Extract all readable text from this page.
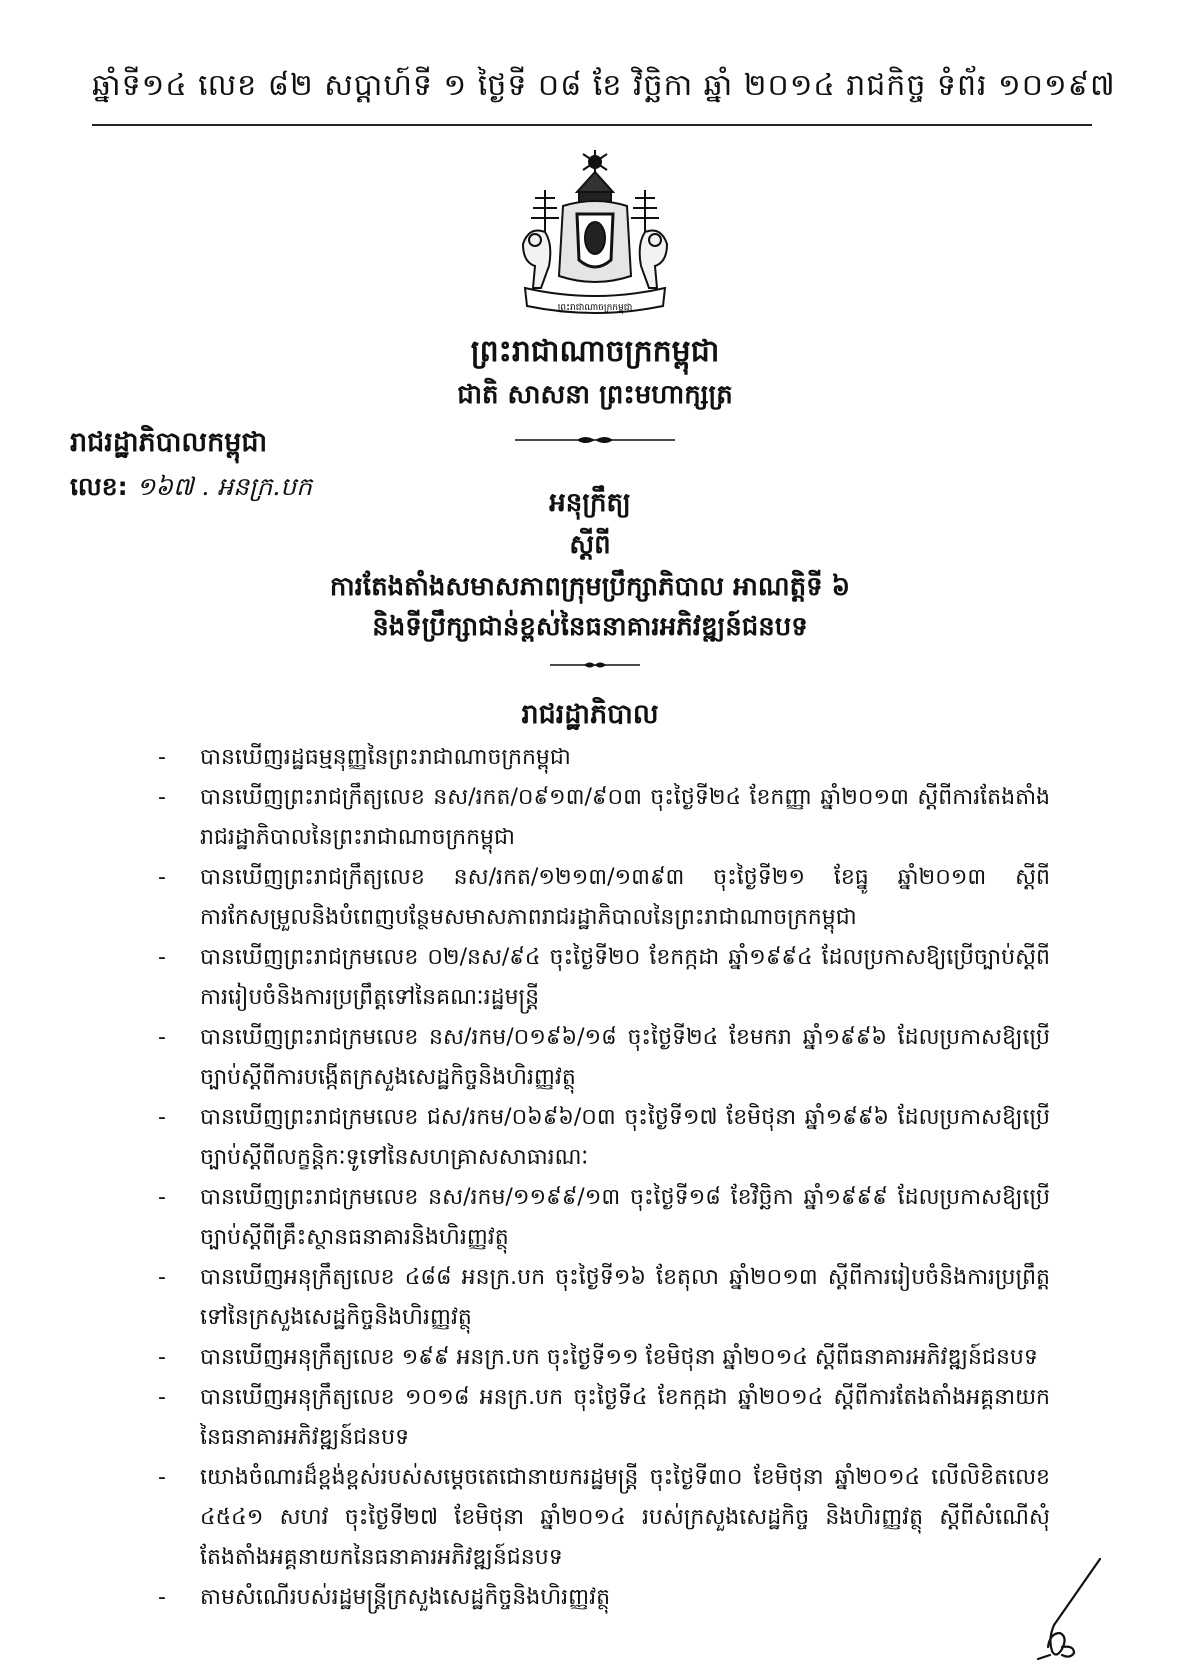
ឆ្នាំទី១៤ លេខ ៨២ សប្តាហ៍ទី ១ ថ្ងៃទី ០៨ ខែ វិច្ឆិកា ឆ្នាំ ២០១៤ រាជកិច្ច ទំព័រ ១០១៩៧
ព្រះរាជាណាចក្រកម្ពុជា
ព្រះរាជាណាចក្រកម្ពុជា
ជាតិ សាសនា ព្រះមហាក្សត្រ
រាជរដ្ឋាភិបាលកម្ពុជា
លេខ: ១៦៧ . អនក្រ.បក
អនុក្រឹត្យ
ស្តីពី
ការតែងតាំងសមាសភាពក្រុមប្រឹក្សាភិបាល អាណត្តិទី ៦
និងទីប្រឹក្សាជាន់ខ្ពស់នៃធនាគារអភិវឌ្ឍន៍ជនបទ
រាជរដ្ឋាភិបាល
- បានឃើញរដ្ឋធម្មនុញ្ញនៃព្រះរាជាណាចក្រកម្ពុជា
- បានឃើញព្រះរាជក្រឹត្យលេខ នស/រកត/០៩១៣/៩០៣ ចុះថ្ងៃទី២៤ ខែកញ្ញា ឆ្នាំ២០១៣ ស្តីពីការតែងតាំងរាជរដ្ឋាភិបាលនៃព្រះរាជាណាចក្រកម្ពុជា
- បានឃើញព្រះរាជក្រឹត្យលេខ នស/រកត/១២១៣/១៣៩៣ ចុះថ្ងៃទី២១ ខែធ្នូ ឆ្នាំ២០១៣ ស្តីពីការកែសម្រួលនិងបំពេញបន្ថែមសមាសភាពរាជរដ្ឋាភិបាលនៃព្រះរាជាណាចក្រកម្ពុជា
- បានឃើញព្រះរាជក្រមលេខ ០២/នស/៩៤ ចុះថ្ងៃទី២០ ខែកក្កដា ឆ្នាំ១៩៩៤ ដែលប្រកាសឱ្យប្រើច្បាប់ស្តីពីការរៀបចំនិងការប្រព្រឹត្តទៅនៃគណៈរដ្ឋមន្ត្រី
- បានឃើញព្រះរាជក្រមលេខ នស/រកម/០១៩៦/១៨ ចុះថ្ងៃទី២៤ ខែមករា ឆ្នាំ១៩៩៦ ដែលប្រកាសឱ្យប្រើច្បាប់ស្តីពីការបង្កើតក្រសួងសេដ្ឋកិច្ចនិងហិរញ្ញវត្ថុ
- បានឃើញព្រះរាជក្រមលេខ ជស/រកម/០៦៩៦/០៣ ចុះថ្ងៃទី១៧ ខែមិថុនា ឆ្នាំ១៩៩៦ ដែលប្រកាសឱ្យប្រើច្បាប់ស្តីពីលក្ខន្តិកៈទូទៅនៃសហគ្រាសសាធារណៈ
- បានឃើញព្រះរាជក្រមលេខ នស/រកម/១១៩៩/១៣ ចុះថ្ងៃទី១៨ ខែវិច្ឆិកា ឆ្នាំ១៩៩៩ ដែលប្រកាសឱ្យប្រើច្បាប់ស្តីពីគ្រឹះស្ថានធនាគារនិងហិរញ្ញវត្ថុ
- បានឃើញអនុក្រឹត្យលេខ ៤៨៨ អនក្រ.បក ចុះថ្ងៃទី១៦ ខែតុលា ឆ្នាំ២០១៣ ស្តីពីការរៀបចំនិងការប្រព្រឹត្តទៅនៃក្រសួងសេដ្ឋកិច្ចនិងហិរញ្ញវត្ថុ
- បានឃើញអនុក្រឹត្យលេខ ១៩៩ អនក្រ.បក ចុះថ្ងៃទី១១ ខែមិថុនា ឆ្នាំ២០១៤ ស្តីពីធនាគារអភិវឌ្ឍន៍ជនបទ
- បានឃើញអនុក្រឹត្យលេខ ១០១៨ អនក្រ.បក ចុះថ្ងៃទី៤ ខែកក្កដា ឆ្នាំ២០១៤ ស្តីពីការតែងតាំងអគ្គនាយកនៃធនាគារអភិវឌ្ឍន៍ជនបទ
- យោងចំណារដ៏ខ្ពង់ខ្ពស់របស់សម្តេចតេជោនាយករដ្ឋមន្ត្រី ចុះថ្ងៃទី៣០ ខែមិថុនា ឆ្នាំ២០១៤ លើលិខិតលេខ ៤៥៤១ សហវ ចុះថ្ងៃទី២៧ ខែមិថុនា ឆ្នាំ២០១៤ របស់ក្រសួងសេដ្ឋកិច្ច និងហិរញ្ញវត្ថុ ស្តីពីសំណើសុំតែងតាំងអគ្គនាយកនៃធនាគារអភិវឌ្ឍន៍ជនបទ
- តាមសំណើរបស់រដ្ឋមន្ត្រីក្រសួងសេដ្ឋកិច្ចនិងហិរញ្ញវត្ថុ
